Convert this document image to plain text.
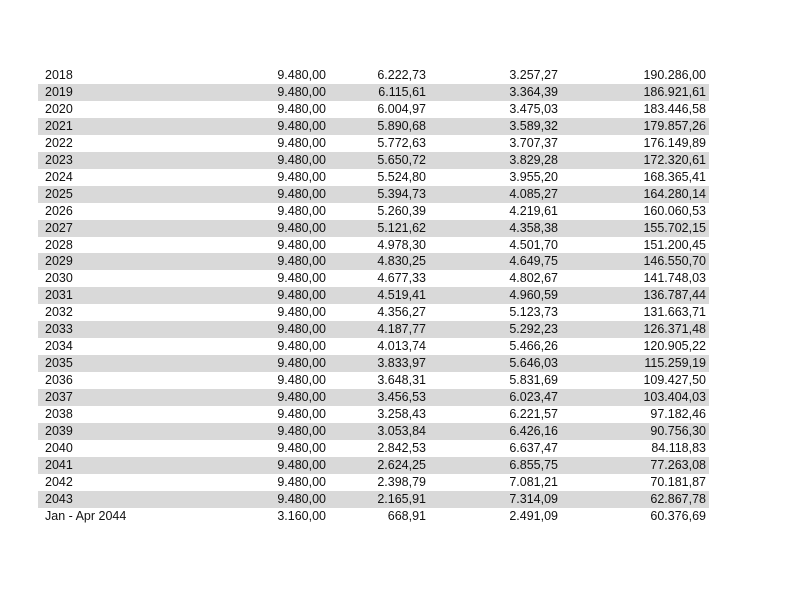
2018	9.480,00	6.222,73	3.257,27	190.286,00
2019	9.480,00	6.115,61	3.364,39	186.921,61
2020	9.480,00	6.004,97	3.475,03	183.446,58
2021	9.480,00	5.890,68	3.589,32	179.857,26
2022	9.480,00	5.772,63	3.707,37	176.149,89
2023	9.480,00	5.650,72	3.829,28	172.320,61
2024	9.480,00	5.524,80	3.955,20	168.365,41
2025	9.480,00	5.394,73	4.085,27	164.280,14
2026	9.480,00	5.260,39	4.219,61	160.060,53
2027	9.480,00	5.121,62	4.358,38	155.702,15
2028	9.480,00	4.978,30	4.501,70	151.200,45
2029	9.480,00	4.830,25	4.649,75	146.550,70
2030	9.480,00	4.677,33	4.802,67	141.748,03
2031	9.480,00	4.519,41	4.960,59	136.787,44
2032	9.480,00	4.356,27	5.123,73	131.663,71
2033	9.480,00	4.187,77	5.292,23	126.371,48
2034	9.480,00	4.013,74	5.466,26	120.905,22
2035	9.480,00	3.833,97	5.646,03	115.259,19
2036	9.480,00	3.648,31	5.831,69	109.427,50
2037	9.480,00	3.456,53	6.023,47	103.404,03
2038	9.480,00	3.258,43	6.221,57	97.182,46
2039	9.480,00	3.053,84	6.426,16	90.756,30
2040	9.480,00	2.842,53	6.637,47	84.118,83
2041	9.480,00	2.624,25	6.855,75	77.263,08
2042	9.480,00	2.398,79	7.081,21	70.181,87
2043	9.480,00	2.165,91	7.314,09	62.867,78
Jan - Apr 2044	3.160,00	668,91	2.491,09	60.376,69
